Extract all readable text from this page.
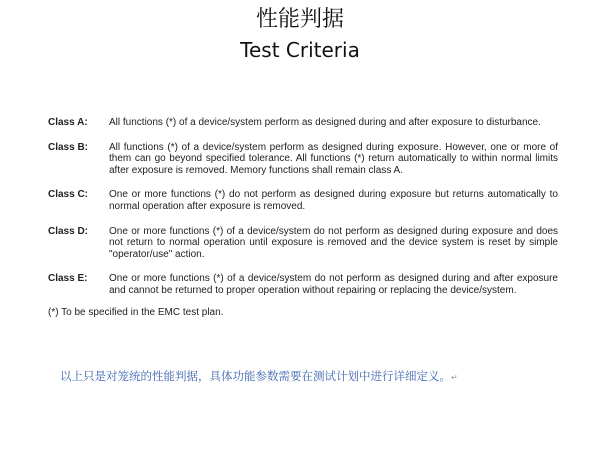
性能判据
Test Criteria
Class A:	All functions (*) of a device/system perform as designed during and after exposure to disturbance.
Class B:	All functions (*) of a device/system perform as designed during exposure. However, one or more of them can go beyond specified tolerance. All functions (*) return automatically to within normal limits after exposure is removed. Memory functions shall remain class A.
Class C:	One or more functions (*) do not perform as designed during exposure but returns automatically to normal operation after exposure is removed.
Class D:	One or more functions (*) of a device/system do not perform as designed during exposure and does not return to normal operation until exposure is removed and the device system is reset by simple "operator/use" action.
Class E:	One or more functions (*) of a device/system do not perform as designed during and after exposure and cannot be returned to proper operation without repairing or replacing the device/system.
(*) To be specified in the EMC test plan.
以上只是对笼统的性能判据，具体功能参数需要在测试计划中进行详细定义。↵
